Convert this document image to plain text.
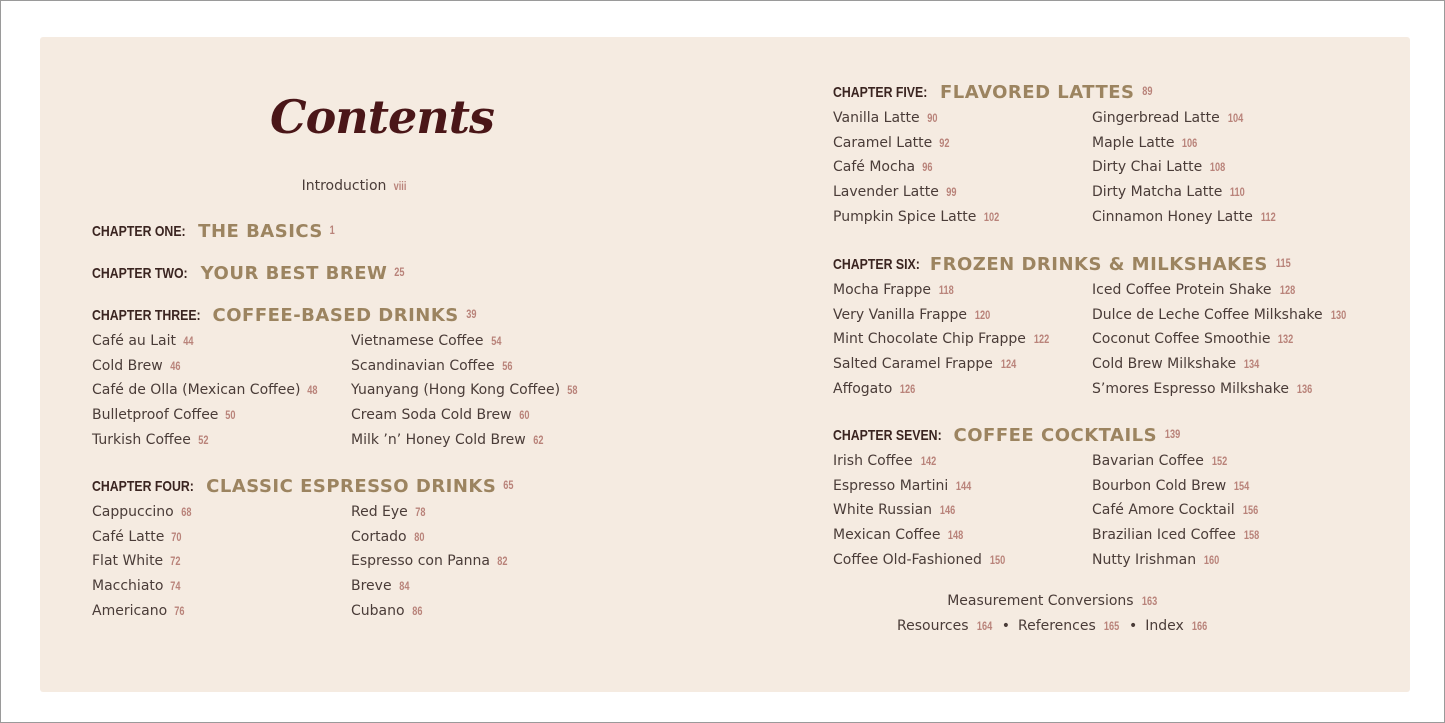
Contents
Introduction viii
CHAPTER ONE: THE BASICS 1
CHAPTER TWO: YOUR BEST BREW 25
CHAPTER THREE: COFFEE-BASED DRINKS 39
Café au Lait 44
Cold Brew 46
Café de Olla (Mexican Coffee) 48
Bulletproof Coffee 50
Turkish Coffee 52
Vietnamese Coffee 54
Scandinavian Coffee 56
Yuanyang (Hong Kong Coffee) 58
Cream Soda Cold Brew 60
Milk ’n’ Honey Cold Brew 62
CHAPTER FOUR: CLASSIC ESPRESSO DRINKS 65
Cappuccino 68
Café Latte 70
Flat White 72
Macchiato 74
Americano 76
Red Eye 78
Cortado 80
Espresso con Panna 82
Breve 84
Cubano 86
CHAPTER FIVE: FLAVORED LATTES 89
Vanilla Latte 90
Caramel Latte 92
Café Mocha 96
Lavender Latte 99
Pumpkin Spice Latte 102
Gingerbread Latte 104
Maple Latte 106
Dirty Chai Latte 108
Dirty Matcha Latte 110
Cinnamon Honey Latte 112
CHAPTER SIX: FROZEN DRINKS & MILKSHAKES 115
Mocha Frappe 118
Very Vanilla Frappe 120
Mint Chocolate Chip Frappe 122
Salted Caramel Frappe 124
Affogato 126
Iced Coffee Protein Shake 128
Dulce de Leche Coffee Milkshake 130
Coconut Coffee Smoothie 132
Cold Brew Milkshake 134
S’mores Espresso Milkshake 136
CHAPTER SEVEN: COFFEE COCKTAILS 139
Irish Coffee 142
Espresso Martini 144
White Russian 146
Mexican Coffee 148
Coffee Old-Fashioned 150
Bavarian Coffee 152
Bourbon Cold Brew 154
Café Amore Cocktail 156
Brazilian Iced Coffee 158
Nutty Irishman 160
Measurement Conversions 163
Resources 164 • References 165 • Index 166
